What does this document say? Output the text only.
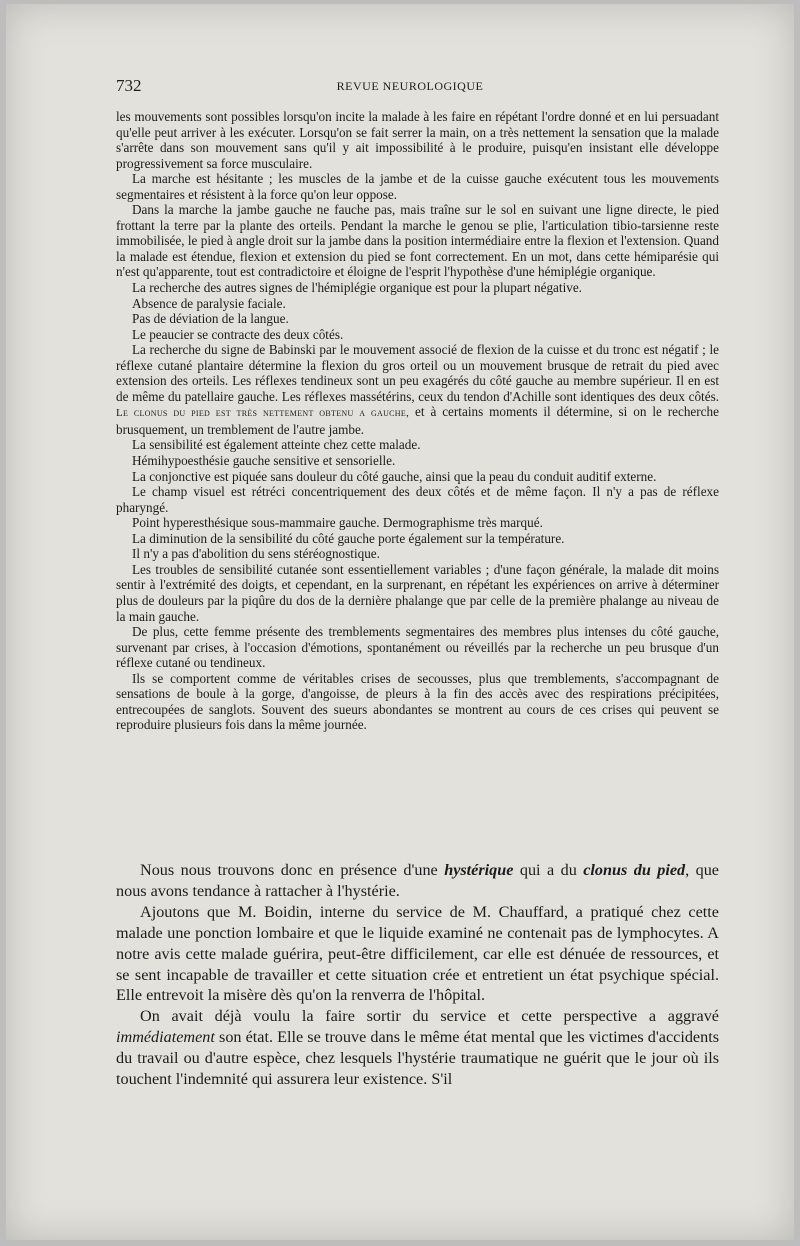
732	REVUE NEUROLOGIQUE

les mouvements sont possibles lorsqu'on incite la malade à les faire en répétant l'ordre donné et en lui persuadant qu'elle peut arriver à les exécuter. Lorsqu'on se fait serrer la main, on a très nettement la sensation que la malade s'arrête dans son mouvement sans qu'il y ait impossibilité à le produire, puisqu'en insistant elle développe progressivement sa force musculaire.

La marche est hésitante ; les muscles de la jambe et de la cuisse gauche exécutent tous les mouvements segmentaires et résistent à la force qu'on leur oppose.

Dans la marche la jambe gauche ne fauche pas, mais traîne sur le sol en suivant une ligne directe, le pied frottant la terre par la plante des orteils. Pendant la marche le genou se plie, l'articulation tibio-tarsienne reste immobilisée, le pied à angle droit sur la jambe dans la position intermédiaire entre la flexion et l'extension. Quand la malade est étendue, flexion et extension du pied se font correctement. En un mot, dans cette hémiparésie qui n'est qu'apparente, tout est contradictoire et éloigne de l'esprit l'hypothèse d'une hémiplégie organique.

La recherche des autres signes de l'hémiplégie organique est pour la plupart négative.

Absence de paralysie faciale.

Pas de déviation de la langue.

Le peaucier se contracte des deux côtés.

La recherche du signe de Babinski par le mouvement associé de flexion de la cuisse et du tronc est négatif ; le réflexe cutané plantaire détermine la flexion du gros orteil ou un mouvement brusque de retrait du pied avec extension des orteils. Les réflexes tendineux sont un peu exagérés du côté gauche au membre supérieur. Il en est de même du patellaire gauche. Les réflexes massétérins, ceux du tendon d'Achille sont identiques des deux côtés. Le clonus du pied est très nettement obtenu a gauche, et à certains moments il détermine, si on le recherche brusquement, un tremblement de l'autre jambe.

La sensibilité est également atteinte chez cette malade.

Hémihypoesthésie gauche sensitive et sensorielle.

La conjonctive est piquée sans douleur du côté gauche, ainsi que la peau du conduit auditif externe.

Le champ visuel est rétréci concentriquement des deux côtés et de même façon. Il n'y a pas de réflexe pharyngé.

Point hyperesthésique sous-mammaire gauche. Dermographisme très marqué.

La diminution de la sensibilité du côté gauche porte également sur la température.

Il n'y a pas d'abolition du sens stéréognostique.

Les troubles de sensibilité cutanée sont essentiellement variables ; d'une façon générale, la malade dit moins sentir à l'extrémité des doigts, et cependant, en la surprenant, en répétant les expériences on arrive à déterminer plus de douleurs par la piqûre du dos de la dernière phalange que par celle de la première phalange au niveau de la main gauche.

De plus, cette femme présente des tremblements segmentaires des membres plus intenses du côté gauche, survenant par crises, à l'occasion d'émotions, spontanément ou réveillés par la recherche un peu brusque d'un réflexe cutané ou tendineux.

Ils se comportent comme de véritables crises de secousses, plus que tremblements, s'accompagnant de sensations de boule à la gorge, d'angoisse, de pleurs à la fin des accès avec des respirations précipitées, entrecoupées de sanglots. Souvent des sueurs abondantes se montrent au cours de ces crises qui peuvent se reproduire plusieurs fois dans la même journée.

Nous nous trouvons donc en présence d'une hystérique qui a du clonus du pied, que nous avons tendance à rattacher à l'hystérie.

Ajoutons que M. Boidin, interne du service de M. Chauffard, a pratiqué chez cette malade une ponction lombaire et que le liquide examiné ne contenait pas de lymphocytes. A notre avis cette malade guérira, peut-être difficilement, car elle est dénuée de ressources, et se sent incapable de travailler et cette situation crée et entretient un état psychique spécial. Elle entrevoit la misère dès qu'on la renverra de l'hôpital.

On avait déjà voulu la faire sortir du service et cette perspective a aggravé immédiatement son état. Elle se trouve dans le même état mental que les victimes d'accidents du travail ou d'autre espèce, chez lesquels l'hystérie traumatique ne guérit que le jour où ils touchent l'indemnité qui assurera leur existence. S'il
